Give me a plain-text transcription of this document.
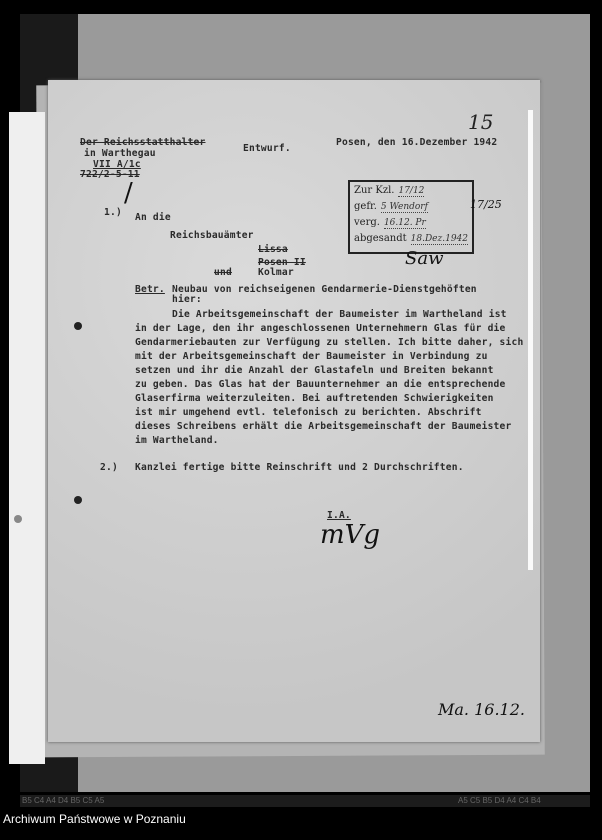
Der Reichsstatthalter
in Warthegau
VII A/1c
722/2-5-11
Entwurf.
Posen, den 16.Dezember 1942
15
1.)
/
An die
Reichsbauämter
Lissa
Posen II
und	Kolmar
Zur Kzl. 17/12
gefr. 5 Wendorf
verg. 16.12. Pr
abgesandt 18.Dez.1942
17/25
Saw
Betr. Neubau von reichseigenen Gendarmerie-Dienstgehöften
hier:
Die Arbeitsgemeinschaft der Baumeister im Wartheland ist
in der Lage, den ihr angeschlossenen Unternehmern Glas für die
Gendarmeriebauten zur Verfügung zu stellen. Ich bitte daher, sich
mit der Arbeitsgemeinschaft der Baumeister in Verbindung zu
setzen und ihr die Anzahl der Glastafeln und Breiten bekannt
zu geben. Das Glas hat der Bauunternehmer an die entsprechende
Glaserfirma weiterzuleiten. Bei auftretenden Schwierigkeiten
ist mir umgehend evtl. telefonisch zu berichten. Abschrift
dieses Schreibens erhält die Arbeitsgemeinschaft der Baumeister
im Wartheland.
2.) Kanzlei fertige bitte Reinschrift und 2 Durchschriften.
I.A.
mVg
Ma. 16.12.
B5 C4 A4 D4 B5 C5 A5	A5 C5 B5 D4 A4 C4 B4
Archiwum Państwowe w Poznaniu
